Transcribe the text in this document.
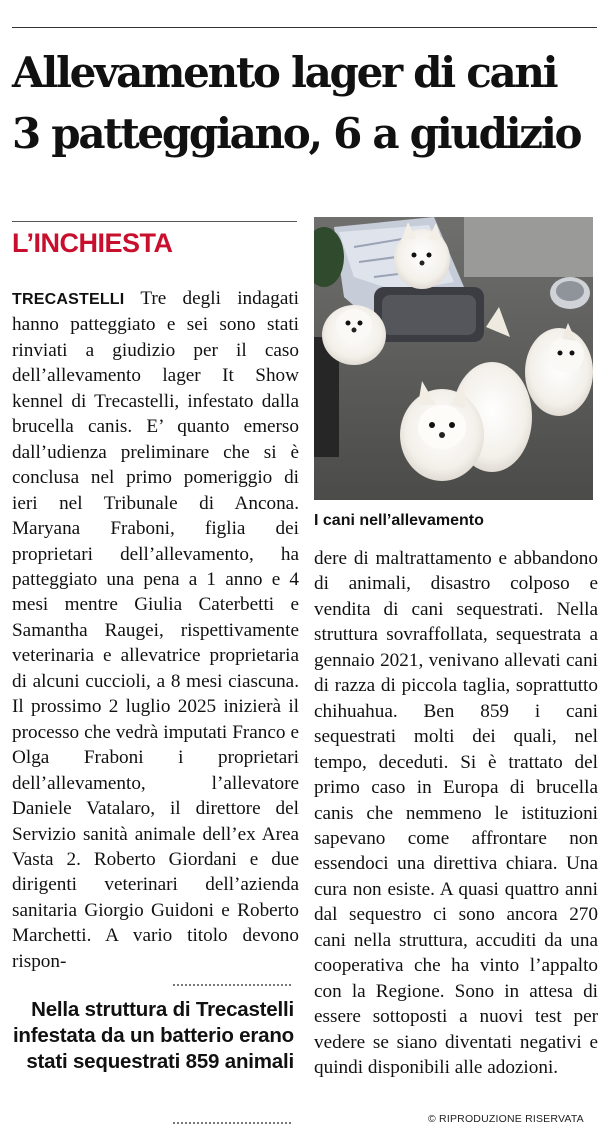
Allevamento lager di cani
3 patteggiano, 6 a giudizio
L’INCHIESTA
I cani nell’allevamento

TRECASTELLI Tre degli indagati hanno patteggiato e sei sono stati rinviati a giudizio per il caso dell’allevamento lager It Show kennel di Trecastelli, infestato dalla brucella canis. E’ quanto emerso dall’udienza preliminare che si è conclusa nel primo pomeriggio di ieri nel Tribunale di Ancona. Maryana Fraboni, figlia dei proprietari dell’allevamento, ha patteggiato una pena a 1 anno e 4 mesi mentre Giulia Caterbetti e Samantha Raugei, rispettivamente veterinaria e allevatrice proprietaria di alcuni cuccioli, a 8 mesi ciascuna. Il prossimo 2 luglio 2025 inizierà il processo che vedrà imputati Franco e Olga Fraboni i proprietari dell’allevamento, l’allevatore Daniele Vatalaro, il direttore del Servizio sanità animale dell’ex Area Vasta 2. Roberto Giordani e due dirigenti veterinari dell’azienda sanitaria Giorgio Guidoni e Roberto Marchetti. A vario titolo devono rispon-

dere di maltrattamento e abbandono di animali, disastro colposo e vendita di cani sequestrati. Nella struttura sovraffollata, sequestrata a gennaio 2021, venivano allevati cani di razza di piccola taglia, soprattutto chihuahua. Ben 859 i cani sequestrati molti dei quali, nel tempo, deceduti. Si è trattato del primo caso in Europa di brucella canis che nemmeno le istituzioni sapevano come affrontare non essendoci una direttiva chiara. Una cura non esiste. A quasi quattro anni dal sequestro ci sono ancora 270 cani nella struttura, accuditi da una cooperativa che ha vinto l’appalto con la Regione. Sono in attesa di essere sottoposti a nuovi test per vedere se siano diventati negativi e quindi disponibili alle adozioni.

Nella struttura di Trecastelli infestata da un batterio erano stati sequestrati 859 animali

© RIPRODUZIONE RISERVATA
